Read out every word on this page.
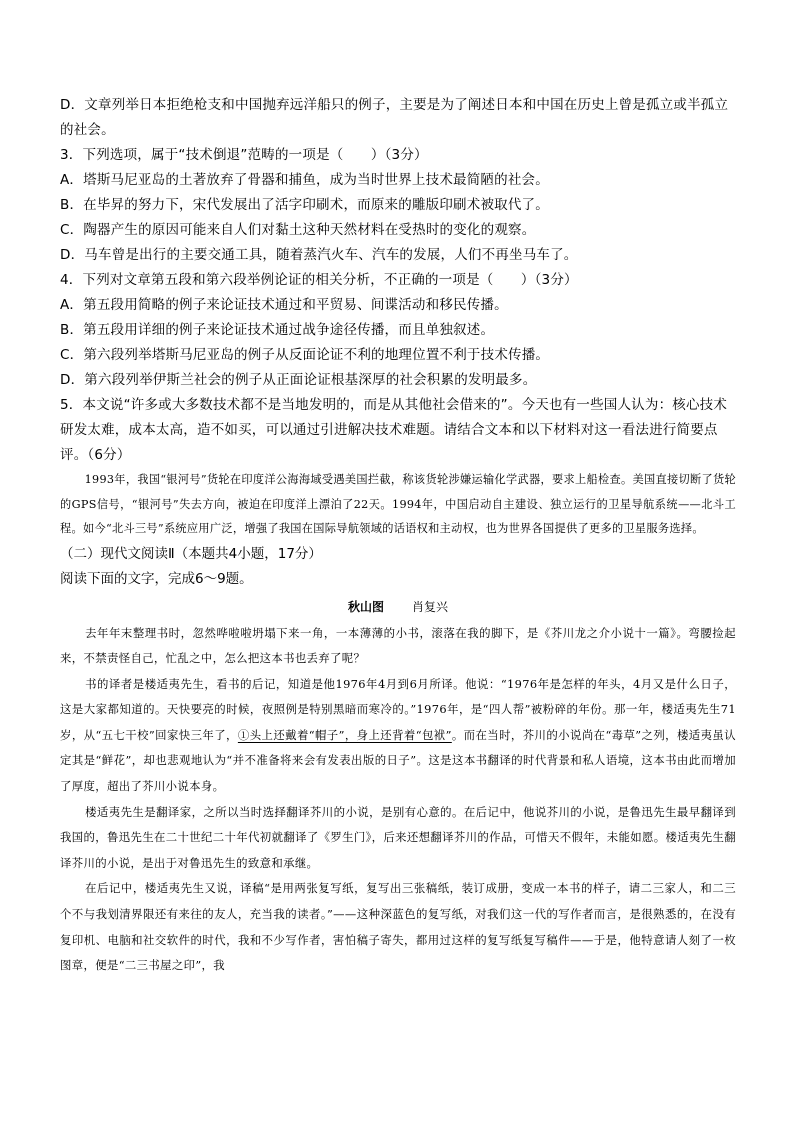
D．文章列举日本拒绝枪支和中国抛弃远洋船只的例子，主要是为了阐述日本和中国在历史上曾是孤立或半孤立的社会。

3．下列选项，属于“技术倒退”范畴的一项是（　　）（3分）

A．塔斯马尼亚岛的土著放弃了骨器和捕鱼，成为当时世界上技术最简陋的社会。

B．在毕昇的努力下，宋代发展出了活字印刷术，而原来的雕版印刷术被取代了。

C．陶器产生的原因可能来自人们对黏土这种天然材料在受热时的变化的观察。

D．马车曾是出行的主要交通工具，随着蒸汽火车、汽车的发展，人们不再坐马车了。

4．下列对文章第五段和第六段举例论证的相关分析，不正确的一项是（　　）（3分）

A．第五段用简略的例子来论证技术通过和平贸易、间谍活动和移民传播。

B．第五段用详细的例子来论证技术通过战争途径传播，而且单独叙述。

C．第六段列举塔斯马尼亚岛的例子从反面论证不利的地理位置不利于技术传播。

D．第六段列举伊斯兰社会的例子从正面论证根基深厚的社会积累的发明最多。

5．本文说“许多或大多数技术都不是当地发明的，而是从其他社会借来的”。今天也有一些国人认为：核心技术研发太难，成本太高，造不如买，可以通过引进解决技术难题。请结合文本和以下材料对这一看法进行简要点评。（6分）

1993年，我国“银河号”货轮在印度洋公海海域受遇美国拦截，称该货轮涉嫌运输化学武器，要求上船检查。美国直接切断了货轮的GPS信号，“银河号”失去方向，被迫在印度洋上漂泊了22天。1994年，中国启动自主建设、独立运行的卫星导航系统——北斗工程。如今“北斗三号”系统应用广泛，增强了我国在国际导航领域的话语权和主动权，也为世界各国提供了更多的卫星服务选择。

（二）现代文阅读Ⅱ（本题共4小题，17分）

阅读下面的文字，完成6～9题。

秋山图 肖复兴

去年年末整理书时，忽然哗啦啦坍塌下来一角，一本薄薄的小书，滚落在我的脚下，是《芥川龙之介小说十一篇》。弯腰捡起来，不禁责怪自己，忙乱之中，怎么把这本书也丢弃了呢？

书的译者是楼适夷先生，看书的后记，知道是他1976年4月到6月所译。他说：“1976年是怎样的年头，4月又是什么日子，这是大家都知道的。天快要亮的时候，夜照例是特别黑暗而寒冷的。”1976年，是“四人帮”被粉碎的年份。那一年，楼适夷先生71岁，从“五七干校”回家快三年了，①头上还戴着“帽子”，身上还背着“包袱”。而在当时，芥川的小说尚在“毒草”之列，楼适夷虽认定其是“鲜花”，却也悲观地认为“并不准备将来会有发表出版的日子”。这是这本书翻译的时代背景和私人语境，这本书由此而增加了厚度，超出了芥川小说本身。

楼适夷先生是翻译家，之所以当时选择翻译芥川的小说，是别有心意的。在后记中，他说芥川的小说，是鲁迅先生最早翻译到我国的，鲁迅先生在二十世纪二十年代初就翻译了《罗生门》，后来还想翻译芥川的作品，可惜天不假年，未能如愿。楼适夷先生翻译芥川的小说，是出于对鲁迅先生的致意和承继。

在后记中，楼适夷先生又说，译稿“是用两张复写纸，复写出三张稿纸，装订成册，变成一本书的样子，请二三家人，和二三个不与我划清界限还有来往的友人，充当我的读者。”——这种深蓝色的复写纸，对我们这一代的写作者而言，是很熟悉的，在没有复印机、电脑和社交软件的时代，我和不少写作者，害怕稿子寄失，都用过这样的复写纸复写稿件——于是，他特意请人刻了一枚图章，便是“二三书屋之印”，我
